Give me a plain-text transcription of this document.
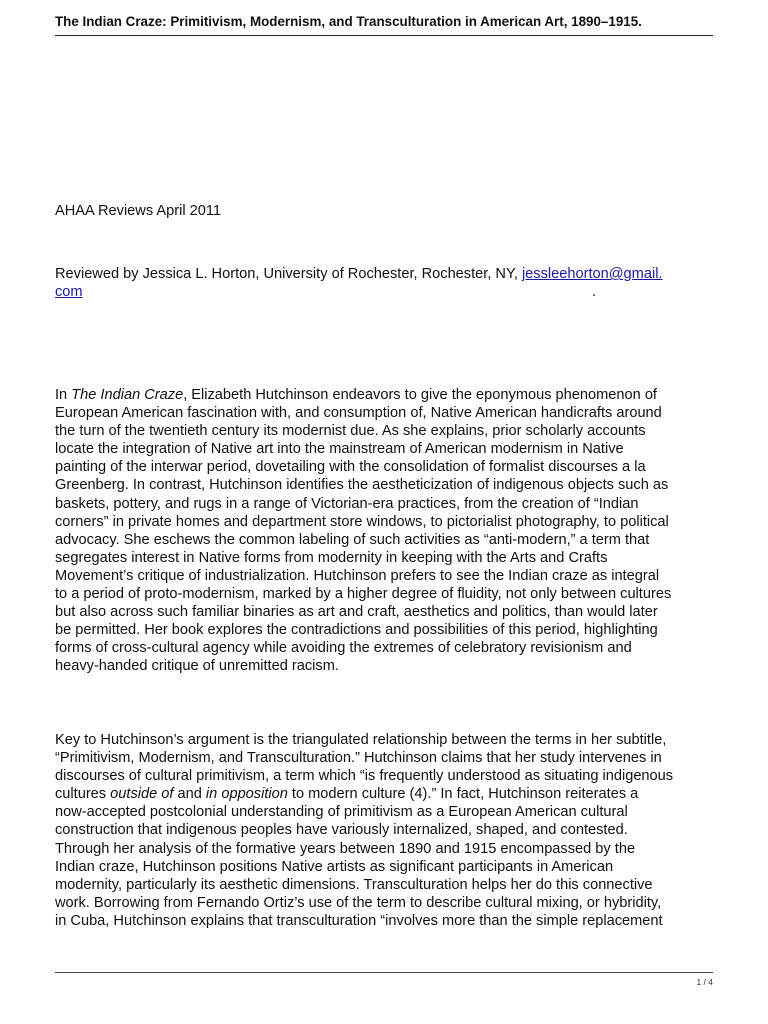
The Indian Craze: Primitivism, Modernism, and Transculturation in American Art, 1890–1915.
AHAA Reviews April 2011
Reviewed by Jessica L. Horton, University of Rochester, Rochester, NY, jessleehorton@gmail.
com	.
In The Indian Craze, Elizabeth Hutchinson endeavors to give the eponymous phenomenon of
European American fascination with, and consumption of, Native American handicrafts around
the turn of the twentieth century its modernist due. As she explains, prior scholarly accounts
locate the integration of Native art into the mainstream of American modernism in Native
painting of the interwar period, dovetailing with the consolidation of formalist discourses a la
Greenberg. In contrast, Hutchinson identifies the aestheticization of indigenous objects such as
baskets, pottery, and rugs in a range of Victorian-era practices, from the creation of “Indian
corners” in private homes and department store windows, to pictorialist photography, to political
advocacy. She eschews the common labeling of such activities as “anti-modern,” a term that
segregates interest in Native forms from modernity in keeping with the Arts and Crafts
Movement’s critique of industrialization. Hutchinson prefers to see the Indian craze as integral
to a period of proto-modernism, marked by a higher degree of fluidity, not only between cultures
but also across such familiar binaries as art and craft, aesthetics and politics, than would later
be permitted. Her book explores the contradictions and possibilities of this period, highlighting
forms of cross-cultural agency while avoiding the extremes of celebratory revisionism and
heavy-handed critique of unremitted racism.
Key to Hutchinson’s argument is the triangulated relationship between the terms in her subtitle,
“Primitivism, Modernism, and Transculturation.” Hutchinson claims that her study intervenes in
discourses of cultural primitivism, a term which “is frequently understood as situating indigenous
cultures outside of and in opposition to modern culture (4).” In fact, Hutchinson reiterates a
now-accepted postcolonial understanding of primitivism as a European American cultural
construction that indigenous peoples have variously internalized, shaped, and contested.
Through her analysis of the formative years between 1890 and 1915 encompassed by the
Indian craze, Hutchinson positions Native artists as significant participants in American
modernity, particularly its aesthetic dimensions. Transculturation helps her do this connective
work. Borrowing from Fernando Ortiz’s use of the term to describe cultural mixing, or hybridity,
in Cuba, Hutchinson explains that transculturation “involves more than the simple replacement
1 / 4
